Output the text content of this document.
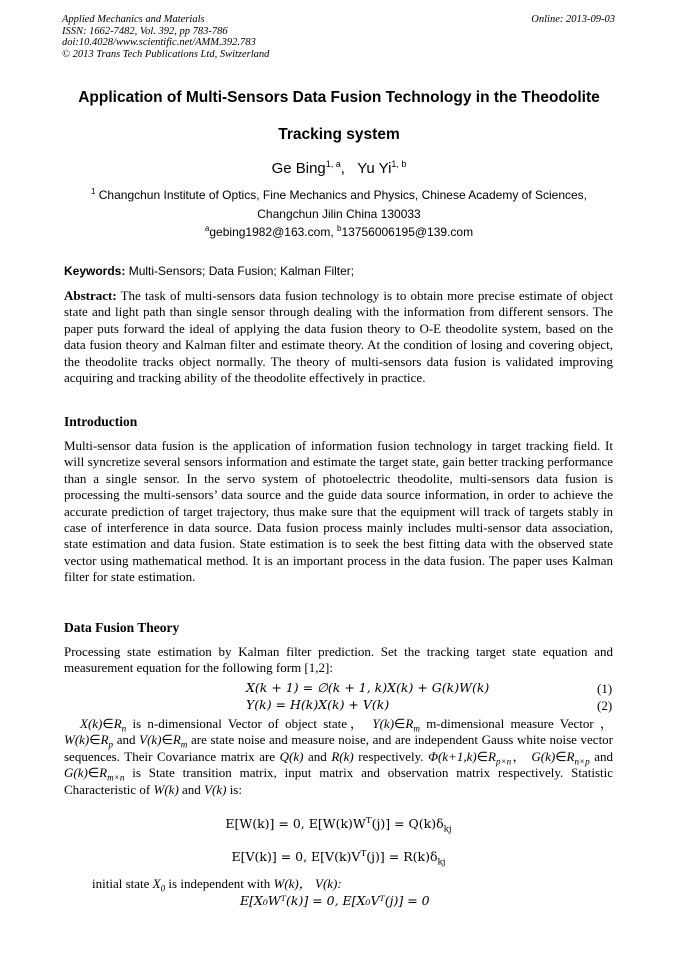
Applied Mechanics and Materials
ISSN: 1662-7482, Vol. 392, pp 783-786
doi:10.4028/www.scientific.net/AMM.392.783
© 2013 Trans Tech Publications Ltd, Switzerland
Online: 2013-09-03
Application of Multi-Sensors Data Fusion Technology in the Theodolite
Tracking system
Ge Bing$^{1, a}$,   Yu Yi$^{1, b}$
$^1$ Changchun Institute of Optics, Fine Mechanics and Physics, Chinese Academy of Sciences,
Changchun Jilin China 130033
$^a$gebing1982@163.com, $^b$13756006195@139.com
Keywords: Multi-Sensors; Data Fusion; Kalman Filter;
Abstract: The task of multi-sensors data fusion technology is to obtain more precise estimate of object state and light path than single sensor through dealing with the information from different sensors. The paper puts forward the ideal of applying the data fusion theory to O-E theodolite system, based on the data fusion theory and Kalman filter and estimate theory. At the condition of losing and covering object, the theodolite tracks object normally. The theory of multi-sensors data fusion is validated improving acquiring and tracking ability of the theodolite effectively in practice.
Introduction
Multi-sensor data fusion is the application of information fusion technology in target tracking field. It will syncretize several sensors information and estimate the target state, gain better tracking performance than a single sensor. In the servo system of photoelectric theodolite, multi-sensors data fusion is processing the multi-sensors’ data source and the guide data source information, in order to achieve the accurate prediction of target trajectory, thus make sure that the equipment will track of targets stably in case of interference in data source. Data fusion process mainly includes multi-sensor data association, state estimation and data fusion. State estimation is to seek the best fitting data with the observed state vector using mathematical method. It is an important process in the data fusion. The paper uses Kalman filter for state estimation.
Data Fusion Theory
Processing state estimation by Kalman filter prediction. Set the tracking target state equation and measurement equation for the following form [1,2]:
X(k + 1) = ∅(k + 1, k)X(k) + G(k)W(k)	(1)
Y(k) = H(k)X(k) + V(k)	(2)
$X(k)\in R_n$ is n-dimensional Vector of object state， $Y(k)\in R_m$ m-dimensional measure Vector ， $W(k)\in R_p$ and $V(k)\in R_m$ are state noise and measure noise, and are independent Gauss white noise vector sequences. Their Covariance matrix are Q(k) and R(k) respectively. $\Phi(k+1,k)\in R_{p\times n}$， $G(k)\in R_{n\times p}$ and $G(k)\in R_{m\times n}$ is State transition matrix, input matrix and observation matrix respectively. Statistic Characteristic of W(k) and V(k) is:
E[W(k)] = 0, $E[W(k)W^T(j)] = Q(k)\delta_{kj}$
E[V(k)] = 0, $E[V(k)V^T(j)] = R(k)\delta_{kj}$
initial state $X_0$ is independent with W(k)， V(k):
E[X₀Wᵀ(k)] = 0, E[X₀Vᵀ(j)] = 0
